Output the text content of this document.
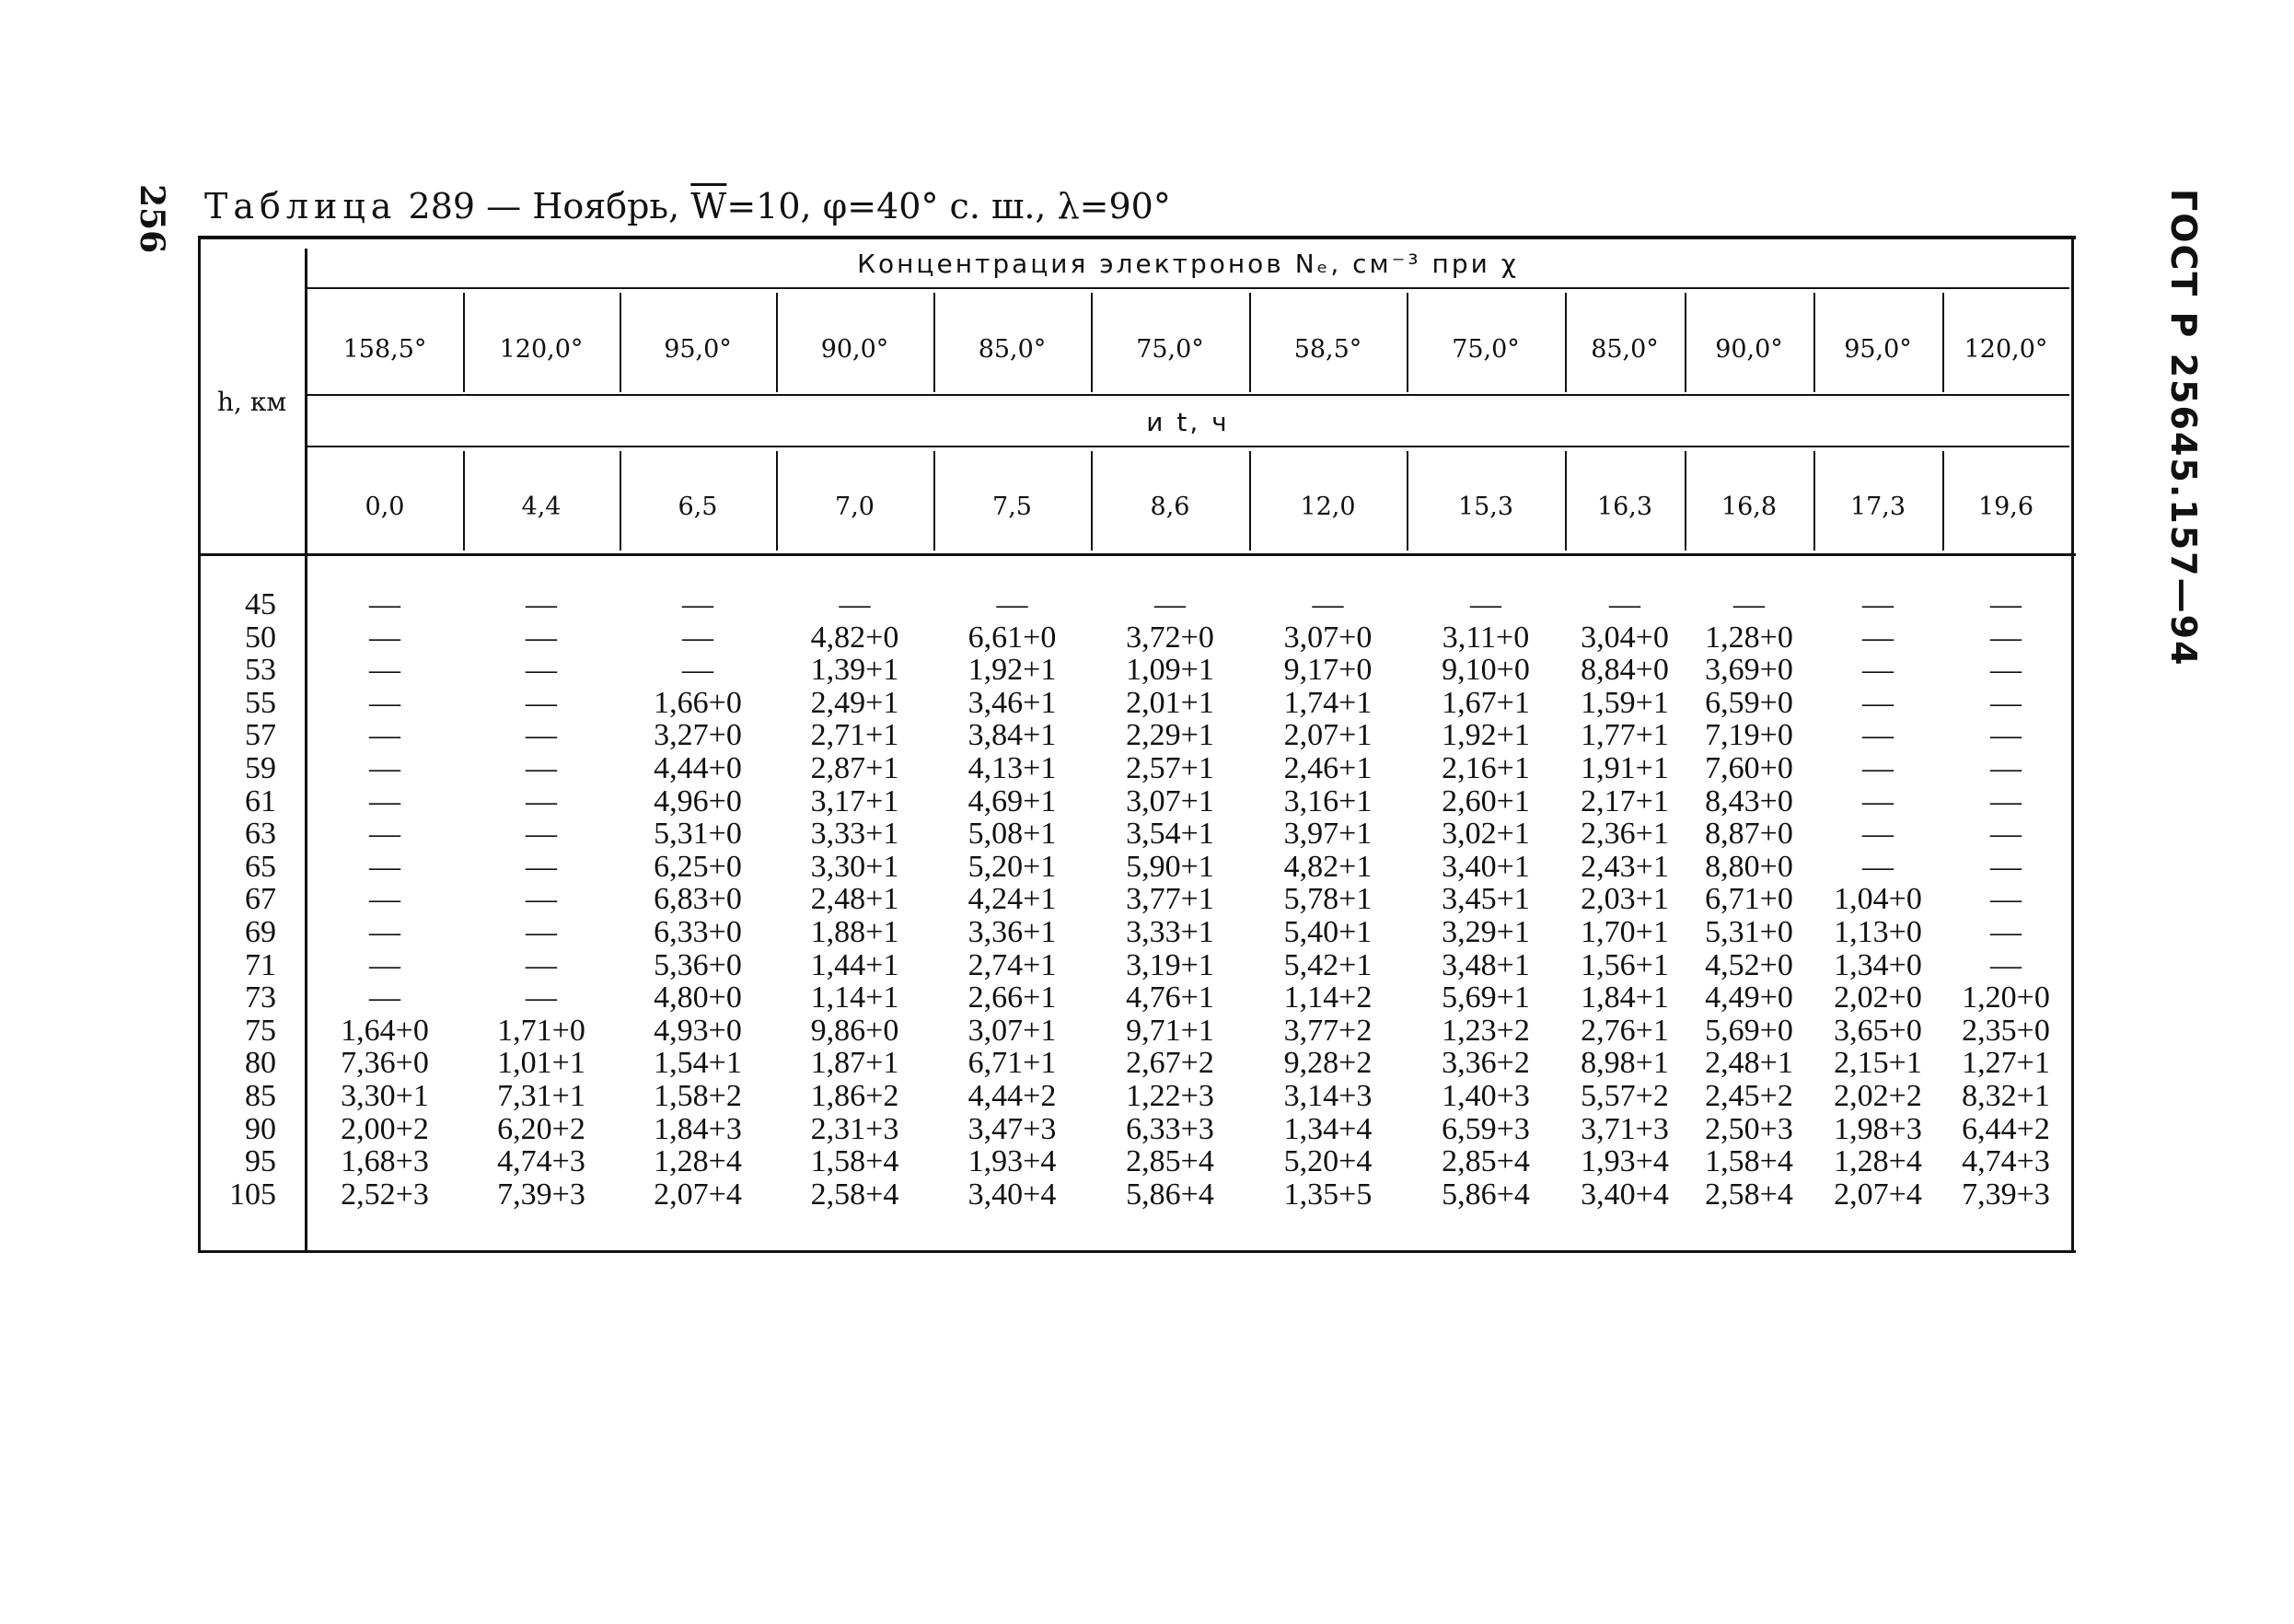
256	ГОСТ Р 25645.157—94
Таблица 289 — Ноябрь, $\overline{W}=10$, φ=40° с. ш., λ=90°
h, км
Концентрация электронов Nₑ, см⁻³ при χ
и t, ч
158,5°	120,0°	95,0°	90,0°	85,0°	75,0°	58,5°	75,0°	85,0° 90,0° 95,0° 120,0°
0,0	4,4	6,5	7,0	7,5	8,6	12,0	15,3	16,3	16,8	17,3	19,6
45	—	—	—	—	—	—	—	—	—	—	—	—
50	—	—	—	4,82+0 6,61+0 3,72+0 3,07+0 3,11+0 3,04+0 1,28+0 —	—
53	—	—	—	1,39+1 1,92+1 1,09+1 9,17+0 9,10+0 8,84+0 3,69+0 —	—
55	—	—	1,66+0 2,49+1 3,46+1 2,01+1 1,74+1 1,67+1 1,59+1 6,59+0 —	—
57	—	—	3,27+0 2,71+1 3,84+1 2,29+1 2,07+1 1,92+1 1,77+1 7,19+0 —	—
59	—	—	4,44+0 2,87+1 4,13+1 2,57+1 2,46+1 2,16+1 1,91+1 7,60+0 —	—
61	—	—	4,96+0 3,17+1 4,69+1 3,07+1 3,16+1 2,60+1 2,17+1 8,43+0 —	—
63	—	—	5,31+0 3,33+1 5,08+1 3,54+1 3,97+1 3,02+1 2,36+1 8,87+0 —	—
65	—	—	6,25+0 3,30+1 5,20+1 5,90+1 4,82+1 3,40+1 2,43+1 8,80+0 —	—
67	—	—	6,83+0 2,48+1 4,24+1 3,77+1 5,78+1 3,45+1 2,03+1 6,71+0 1,04+0 —
69	—	—	6,33+0 1,88+1 3,36+1 3,33+1 5,40+1 3,29+1 1,70+1 5,31+0 1,13+0 —
71	—	—	5,36+0 1,44+1 2,74+1 3,19+1 5,42+1 3,48+1 1,56+1 4,52+0 1,34+0 —
73	—	—	4,80+0 1,14+1 2,66+1 4,76+1 1,14+2 5,69+1 1,84+1 4,49+0 2,02+0 1,20+0
75 1,64+0 1,71+0 4,93+0 9,86+0 3,07+1 9,71+1 3,77+2 1,23+2 2,76+1 5,69+0 3,65+0 2,35+0
80 7,36+0 1,01+1 1,54+1 1,87+1 6,71+1 2,67+2 9,28+2 3,36+2 8,98+1 2,48+1 2,15+1 1,27+1
85 3,30+1 7,31+1 1,58+2 1,86+2 4,44+2 1,22+3 3,14+3 1,40+3 5,57+2 2,45+2 2,02+2 8,32+1
90 2,00+2 6,20+2 1,84+3 2,31+3 3,47+3 6,33+3 1,34+4 6,59+3 3,71+3 2,50+3 1,98+3 6,44+2
95 1,68+3 4,74+3 1,28+4 1,58+4 1,93+4 2,85+4 5,20+4 2,85+4 1,93+4 1,58+4 1,28+4 4,74+3
105 2,52+3 7,39+3 2,07+4 2,58+4 3,40+4 5,86+4 1,35+5 5,86+4 3,40+4 2,58+4 2,07+4 7,39+3
